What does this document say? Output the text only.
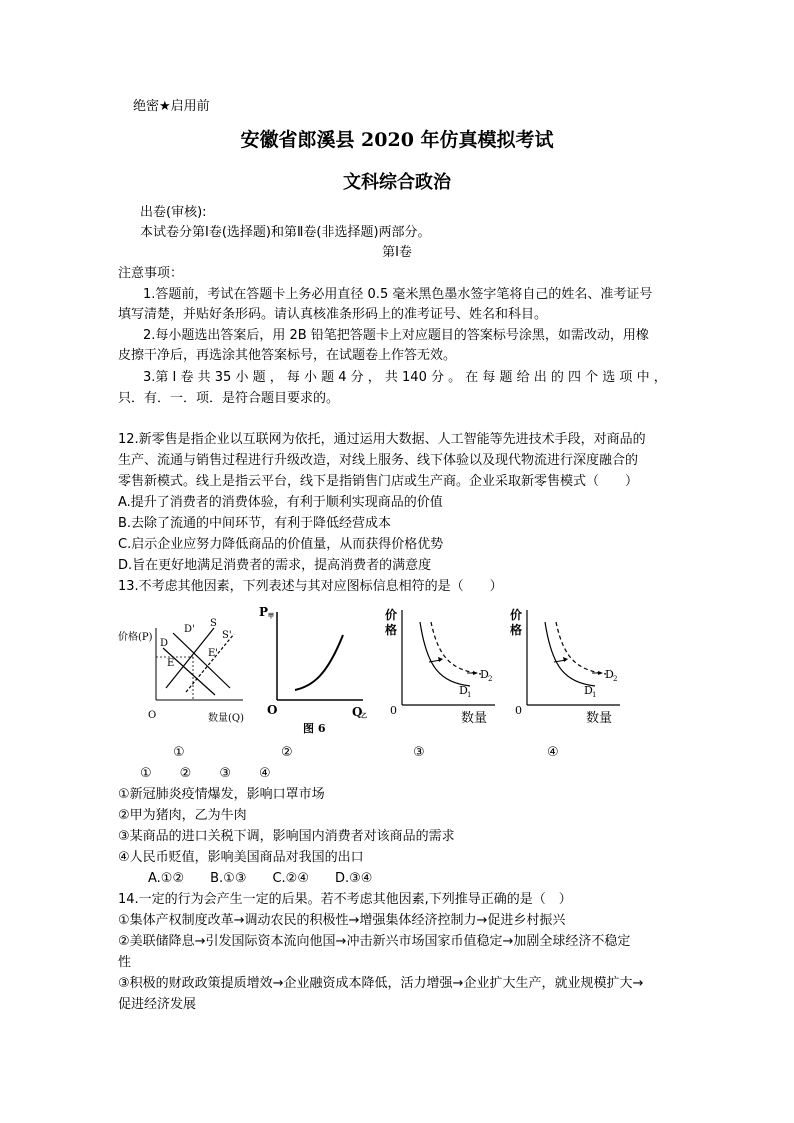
绝密★启用前
安徽省郎溪县 2020 年仿真模拟考试
文科综合政治
出卷(审核):
本试卷分第Ⅰ卷(选择题)和第Ⅱ卷(非选择题)两部分。
第Ⅰ卷
注意事项：
1.答题前，考试在答题卡上务必用直径 0.5 毫米黑色墨水签字笔将自己的姓名、准考证号
填写清楚，并贴好条形码。请认真核准条形码上的准考证号、姓名和科目。
2.每小题选出答案后，用 2B 铅笔把答题卡上对应题目的答案标号涂黑，如需改动，用橡
皮擦干净后，再选涂其他答案标号，在试题卷上作答无效。
3.第 Ⅰ 卷 共 35 小 题 ， 每 小 题 4 分 ， 共 140 分 。 在 每 题 给 出 的 四 个 选 项 中 ，
只．有．一．项．是符合题目要求的。
12.新零售是指企业以互联网为依托，通过运用大数据、人工智能等先进技术手段，对商品的
生产、流通与销售过程进行升级改造，对线上服务、线下体验以及现代物流进行深度融合的
零售新模式。线上是指云平台，线下是指销售门店或生产商。企业采取新零售模式（　　）
A.提升了消费者的消费体验，有利于顺利实现商品的价值
B.去除了流通的中间环节，有利于降低经营成本
C.启示企业应努力降低商品的价值量，从而获得价格优势
D.旨在更好地满足消费者的需求，提高消费者的满意度
13.不考虑其他因素，下列表述与其对应图标信息相符的是（　　）
价格(P)
数量(Q)
O
D
D'
S
S'
E
E'
P 甲
O	Q
乙
图 6
价
格
0
数量
D 1
D 2
价
格
0
数量
D 1
D 2
①	②	③	④
① ② ③ ④
①新冠肺炎疫情爆发，影响口罩市场
②甲为猪肉，乙为牛肉
③某商品的进口关税下调，影响国内消费者对该商品的需求
④人民币贬值，影响美国商品对我国的出口
A.①② B.①③ C.②④ D.③④
14.一定的行为会产生一定的后果。若不考虑其他因素,下列推导正确的是（　）
①集体产权制度改革→调动农民的积极性→增强集体经济控制力→促进乡村振兴
②美联储降息→引发国际资本流向他国→冲击新兴市场国家币值稳定→加剧全球经济不稳定
性
③积极的财政政策提质增效→企业融资成本降低，活力增强→企业扩大生产，就业规模扩大→
促进经济发展
